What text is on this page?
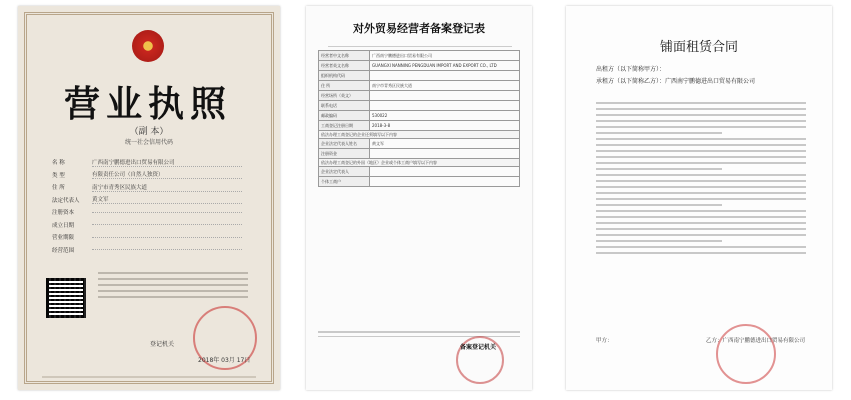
营业执照
（副 本）
统一社会信用代码
名 称	广西南宁鹏德进出口贸易有限公司
类 型	有限责任公司（自然人独资）
住 所	南宁市青秀区民族大道
法定代表人	黄文军
注册资本
成立日期
营业期限
经营范围
登记机关
2018年 03月 17日
对外贸易经营者备案登记表
经营者中文名称	广西南宁鹏德进出口贸易有限公司
经营者英文名称	GUANGXI NANNING PENGDUAN IMPORT AND EXPORT CO., LTD
组织机构代码	
住 所	南宁市青秀区民族大道
经营场所（英文）	
联系电话	
邮政编码	530022
工商登记注册日期	2018-3-8
依法办理工商登记的企业还须填写以下内容	
企业法定代表人姓名	黄文军
注册资金	
依法办理工商登记的外国（地区）企业或个体工商户填写以下内容	
企业法定代表人	
个体工商户	
备案登记机关
铺面租赁合同
出租方（以下简称甲方）：
承租方（以下简称乙方）：广西南宁鹏德进出口贸易有限公司
甲方：	乙方：广西南宁鹏德进出口贸易有限公司
